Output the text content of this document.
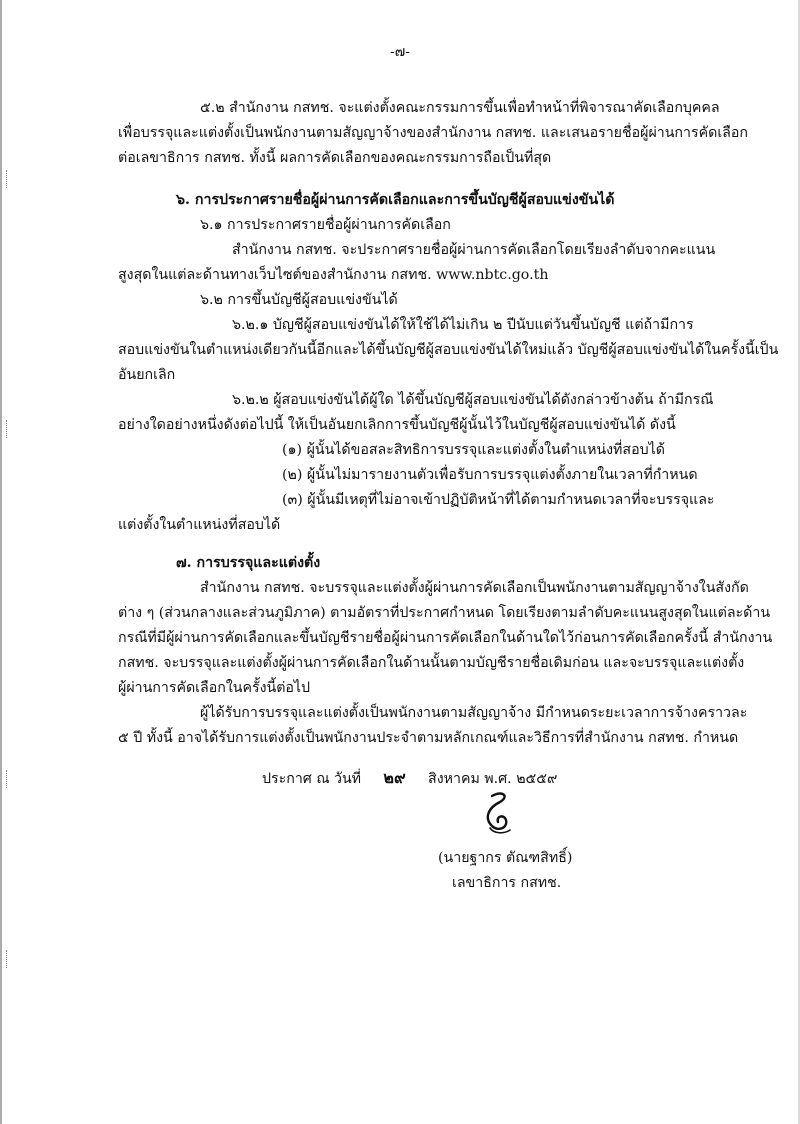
-๗-
๕.๒ สำนักงาน กสทช. จะแต่งตั้งคณะกรรมการขึ้นเพื่อทำหน้าที่พิจารณาคัดเลือกบุคคล
เพื่อบรรจุและแต่งตั้งเป็นพนักงานตามสัญญาจ้างของสำนักงาน กสทช. และเสนอรายชื่อผู้ผ่านการคัดเลือก
ต่อเลขาธิการ กสทช. ทั้งนี้ ผลการคัดเลือกของคณะกรรมการถือเป็นที่สุด
๖. การประกาศรายชื่อผู้ผ่านการคัดเลือกและการขึ้นบัญชีผู้สอบแข่งขันได้
๖.๑ การประกาศรายชื่อผู้ผ่านการคัดเลือก
สำนักงาน กสทช. จะประกาศรายชื่อผู้ผ่านการคัดเลือกโดยเรียงลำดับจากคะแนน
สูงสุดในแต่ละด้านทางเว็บไซต์ของสำนักงาน กสทช. www.nbtc.go.th
๖.๒ การขึ้นบัญชีผู้สอบแข่งขันได้
๖.๒.๑ บัญชีผู้สอบแข่งขันได้ให้ใช้ได้ไม่เกิน ๒ ปีนับแต่วันขึ้นบัญชี แต่ถ้ามีการ
สอบแข่งขันในตำแหน่งเดียวกันนี้อีกและได้ขึ้นบัญชีผู้สอบแข่งขันได้ใหม่แล้ว บัญชีผู้สอบแข่งขันได้ในครั้งนี้เป็น
อันยกเลิก
๖.๒.๒ ผู้สอบแข่งขันได้ผู้ใด ได้ขึ้นบัญชีผู้สอบแข่งขันได้ดังกล่าวข้างต้น ถ้ามีกรณี
อย่างใดอย่างหนึ่งดังต่อไปนี้ ให้เป็นอันยกเลิกการขึ้นบัญชีผู้นั้นไว้ในบัญชีผู้สอบแข่งขันได้ ดังนี้
(๑) ผู้นั้นได้ขอสละสิทธิการบรรจุและแต่งตั้งในตำแหน่งที่สอบได้
(๒) ผู้นั้นไม่มารายงานตัวเพื่อรับการบรรจุแต่งตั้งภายในเวลาที่กำหนด
(๓) ผู้นั้นมีเหตุที่ไม่อาจเข้าปฏิบัติหน้าที่ได้ตามกำหนดเวลาที่จะบรรจุและ
แต่งตั้งในตำแหน่งที่สอบได้
๗. การบรรจุและแต่งตั้ง
สำนักงาน กสทช. จะบรรจุและแต่งตั้งผู้ผ่านการคัดเลือกเป็นพนักงานตามสัญญาจ้างในสังกัด
ต่าง ๆ (ส่วนกลางและส่วนภูมิภาค) ตามอัตราที่ประกาศกำหนด โดยเรียงตามลำดับคะแนนสูงสุดในแต่ละด้าน
กรณีที่มีผู้ผ่านการคัดเลือกและขึ้นบัญชีรายชื่อผู้ผ่านการคัดเลือกในด้านใดไว้ก่อนการคัดเลือกครั้งนี้ สำนักงาน
กสทช. จะบรรจุและแต่งตั้งผู้ผ่านการคัดเลือกในด้านนั้นตามบัญชีรายชื่อเดิมก่อน และจะบรรจุและแต่งตั้ง
ผู้ผ่านการคัดเลือกในครั้งนี้ต่อไป
ผู้ได้รับการบรรจุและแต่งตั้งเป็นพนักงานตามสัญญาจ้าง มีกำหนดระยะเวลาการจ้างคราวละ
๕ ปี ทั้งนี้ อาจได้รับการแต่งตั้งเป็นพนักงานประจำตามหลักเกณฑ์และวิธีการที่สำนักงาน กสทช. กำหนด
ประกาศ ณ วันที่ ๒๙ สิงหาคม พ.ศ. ๒๕๕๙
(นายฐากร ตัณฑสิทธิ์)
เลขาธิการ กสทช.
